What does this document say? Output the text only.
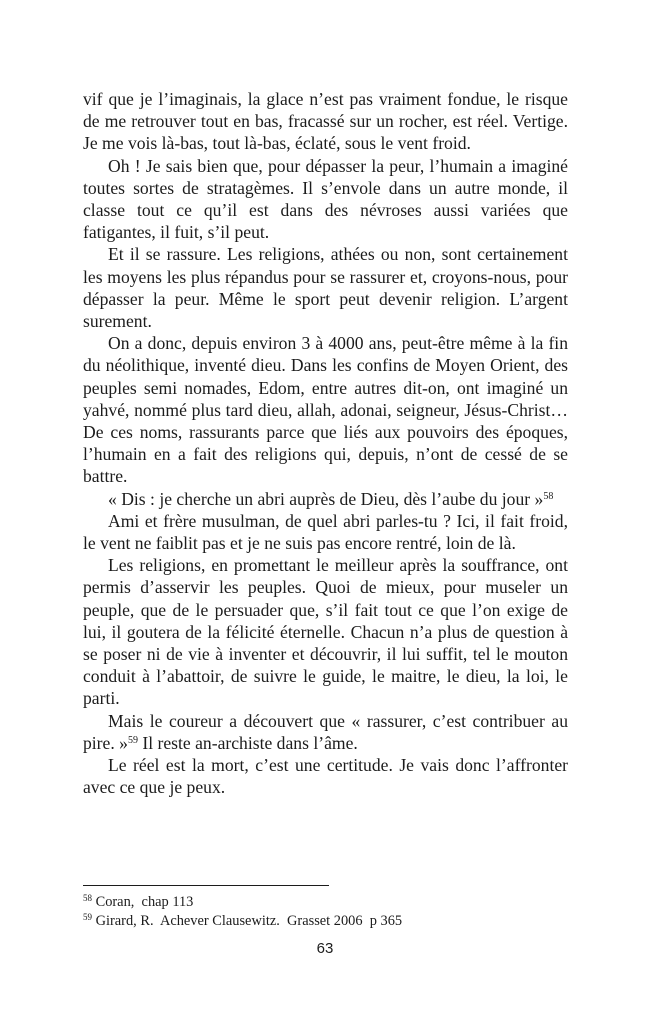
vif que je l’imaginais, la glace n’est pas vraiment fondue, le risque de me retrouver tout en bas, fracassé sur un rocher, est réel. Vertige. Je me vois là-bas, tout là-bas, éclaté, sous le vent froid.

Oh ! Je sais bien que, pour dépasser la peur, l’humain a imaginé toutes sortes de stratagèmes. Il s’envole dans un autre monde, il classe tout ce qu’il est dans des névroses aussi variées que fatigantes, il fuit, s’il peut.

Et il se rassure. Les religions, athées ou non, sont certainement les moyens les plus répandus pour se rassurer et, croyons-nous, pour dépasser la peur. Même le sport peut devenir religion. L’argent surement.

On a donc, depuis environ 3 à 4000 ans, peut-être même à la fin du néolithique, inventé dieu. Dans les confins de Moyen Orient, des peuples semi nomades, Edom, entre autres dit-on, ont imaginé un yahvé, nommé plus tard dieu, allah, adonai, seigneur, Jésus-Christ… De ces noms, rassurants parce que liés aux pouvoirs des époques, l’humain en a fait des religions qui, depuis, n’ont de cessé de se battre.

« Dis : je cherche un abri auprès de Dieu, dès l’aube du jour »$^{58}$

Ami et frère musulman, de quel abri parles-tu ? Ici, il fait froid, le vent ne faiblit pas et je ne suis pas encore rentré, loin de là.

Les religions, en promettant le meilleur après la souffrance, ont permis d’asservir les peuples. Quoi de mieux, pour museler un peuple, que de le persuader que, s’il fait tout ce que l’on exige de lui, il goutera de la félicité éternelle. Chacun n’a plus de question à se poser ni de vie à inventer et découvrir, il lui suffit, tel le mouton conduit à l’abattoir, de suivre le guide, le maitre, le dieu, la loi, le parti.

Mais le coureur a découvert que « rassurer, c’est contribuer au pire. »$^{59}$ Il reste an-archiste dans l’âme.

Le réel est la mort, c’est une certitude. Je vais donc l’affronter avec ce que je peux.

$^{58}$ Coran,  chap 113
$^{59}$ Girard, R.  Achever Clausewitz.  Grasset 2006  p 365
63
